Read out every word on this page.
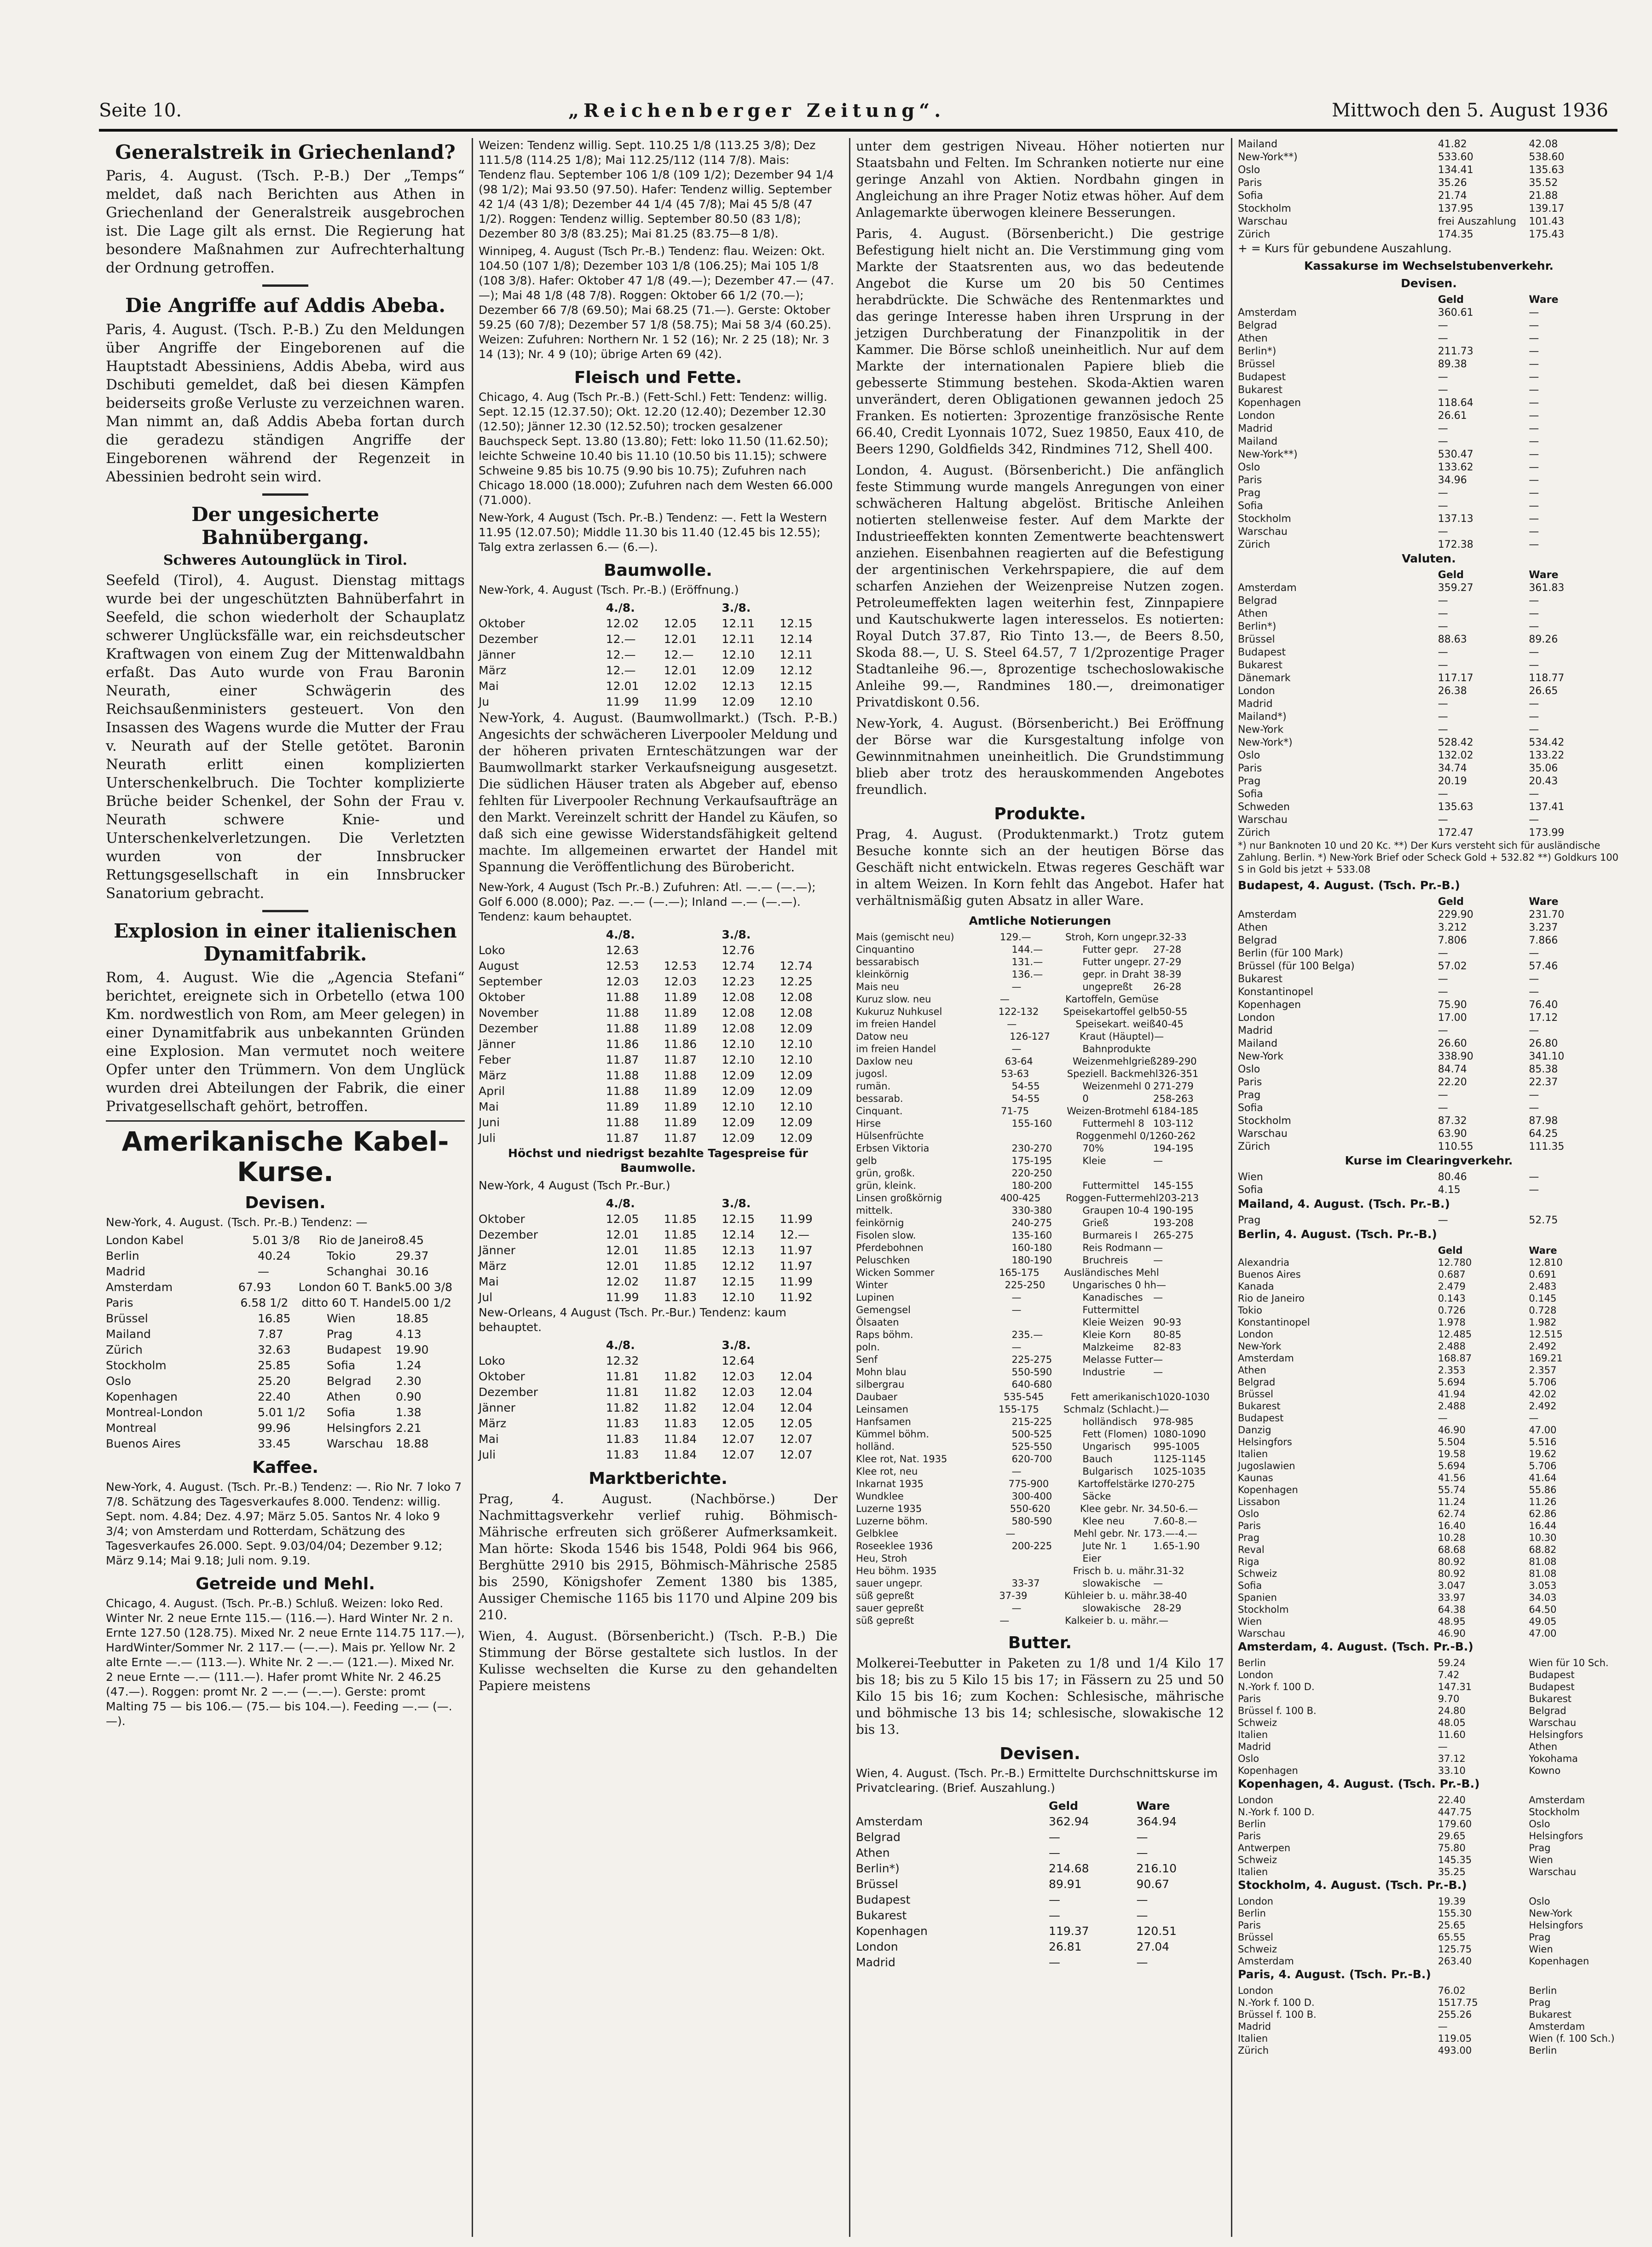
Seite 10.	„Reichenberger Zeitung“.	Mittwoch den 5. August 1936
Generalstreik in Griechenland?

Paris, 4. August. (Tsch. P.-B.) Der „Temps“ meldet, daß nach Berichten aus Athen in Griechenland der Generalstreik ausgebrochen ist. Die Lage gilt als ernst. Die Regierung hat besondere Maßnahmen zur Aufrechterhaltung der Ordnung getroffen.

Die Angriffe auf Addis Abeba.

Paris, 4. August. (Tsch. P.-B.) Zu den Meldungen über Angriffe der Eingeborenen auf die Hauptstadt Abessiniens, Addis Abeba, wird aus Dschibuti gemeldet, daß bei diesen Kämpfen beiderseits große Verluste zu verzeichnen waren. Man nimmt an, daß Addis Abeba fortan durch die geradezu ständigen Angriffe der Eingeborenen während der Regenzeit in Abessinien bedroht sein wird.

Der ungesicherte Bahnübergang.
Schweres Autounglück in Tirol.

Seefeld (Tirol), 4. August. Dienstag mittags wurde bei der ungeschützten Bahnüberfahrt in Seefeld, die schon wiederholt der Schauplatz schwerer Unglücksfälle war, ein reichsdeutscher Kraftwagen von einem Zug der Mittenwaldbahn erfaßt. Das Auto wurde von Frau Baronin Neurath, einer Schwägerin des Reichsaußenministers gesteuert. Von den Insassen des Wagens wurde die Mutter der Frau v. Neurath auf der Stelle getötet. Baronin Neurath erlitt einen komplizierten Unterschenkelbruch. Die Tochter komplizierte Brüche beider Schenkel, der Sohn der Frau v. Neurath schwere Knie- und Unterschenkelverletzungen. Die Verletzten wurden von der Innsbrucker Rettungsgesellschaft in ein Innsbrucker Sanatorium gebracht.

Explosion in einer italienischen Dynamitfabrik.

Rom, 4. August. Wie die „Agencia Stefani“ berichtet, ereignete sich in Orbetello (etwa 100 Km. nordwestlich von Rom, am Meer gelegen) in einer Dynamitfabrik aus unbekannten Gründen eine Explosion. Man vermutet noch weitere Opfer unter den Trümmern. Von dem Unglück wurden drei Abteilungen der Fabrik, die einer Privatgesellschaft gehört, betroffen.

Amerikanische Kabel-Kurse.
Devisen.

New-York, 4. August. (Tsch. Pr.-B.) Tendenz: —

London Kabel	5.01 3/8	Rio de Janeiro 8.45
Berlin	40.24	Tokio	29.37
Madrid	—	Schanghai 30.16
Amsterdam	67.93	London 60 T. Bank 5.00 3/8
Paris	6.58 1/2	ditto 60 T. Handel 5.00 1/2
Brüssel	16.85	Wien	18.85
Mailand	7.87	Prag	4.13
Zürich	32.63	Budapest	19.90
Stockholm	25.85	Sofia	1.24
Oslo	25.20	Belgrad	2.30
Kopenhagen	22.40	Athen	0.90
Montreal-London	5.01 1/2	Sofia	1.38
Montreal	99.96	Helsingfors 2.21
Buenos Aires	33.45	Warschau	18.88
Kaffee.

New-York, 4. August. (Tsch. Pr.-B.) Tendenz: —. Rio Nr. 7 loko 7 7/8. Schätzung des Tagesverkaufes 8.000. Tendenz: willig. Sept. nom. 4.84; Dez. 4.97; März 5.05. Santos Nr. 4 loko 9 3/4; von Amsterdam und Rotterdam, Schätzung des Tagesverkaufes 26.000. Sept. 9.03/04/04; Dezember 9.12; März 9.14; Mai 9.18; Juli nom. 9.19.

Getreide und Mehl.

Chicago, 4. August. (Tsch. Pr.-B.) Schluß. Weizen: loko Red. Winter Nr. 2 neue Ernte 115.— (116.—). Hard Winter Nr. 2 n. Ernte 127.50 (128.75). Mixed Nr. 2 neue Ernte 114.75 117.—), HardWinter/Sommer Nr. 2 117.— (—.—). Mais pr. Yellow Nr. 2 alte Ernte —.— (113.—). White Nr. 2 —.— (121.—). Mixed Nr. 2 neue Ernte —.— (111.—). Hafer promt White Nr. 2 46.25 (47.—). Roggen: promt Nr. 2 —.— (—.—). Gerste: promt Malting 75 — bis 106.— (75.— bis 104.—). Feeding —.— (—.—).

Weizen: Tendenz willig. Sept. 110.25 1/8 (113.25 3/8); Dez 111.5/8 (114.25 1/8); Mai 112.25/112 (114 7/8). Mais: Tendenz flau. September 106 1/8 (109 1/2); Dezember 94 1/4 (98 1/2); Mai 93.50 (97.50). Hafer: Tendenz willig. September 42 1/4 (43 1/8); Dezember 44 1/4 (45 7/8); Mai 45 5/8 (47 1/2). Roggen: Tendenz willig. September 80.50 (83 1/8); Dezember 80 3/8 (83.25); Mai 81.25 (83.75—8 1/8).

Winnipeg, 4. August (Tsch Pr.-B.) Tendenz: flau. Weizen: Okt. 104.50 (107 1/8); Dezember 103 1/8 (106.25); Mai 105 1/8 (108 3/8). Hafer: Oktober 47 1/8 (49.—); Dezember 47.— (47.—); Mai 48 1/8 (48 7/8). Roggen: Oktober 66 1/2 (70.—); Dezember 66 7/8 (69.50); Mai 68.25 (71.—). Gerste: Oktober 59.25 (60 7/8); Dezember 57 1/8 (58.75); Mai 58 3/4 (60.25). Weizen: Zufuhren: Northern Nr. 1 52 (16); Nr. 2 25 (18); Nr. 3 14 (13); Nr. 4 9 (10); übrige Arten 69 (42).

Fleisch und Fette.

Chicago, 4. Aug (Tsch Pr.-B.) (Fett-Schl.) Fett: Tendenz: willig. Sept. 12.15 (12.37.50); Okt. 12.20 (12.40); Dezember 12.30 (12.50); Jänner 12.30 (12.52.50); trocken gesalzener Bauchspeck Sept. 13.80 (13.80); Fett: loko 11.50 (11.62.50); leichte Schweine 10.40 bis 11.10 (10.50 bis 11.15); schwere Schweine 9.85 bis 10.75 (9.90 bis 10.75); Zufuhren nach Chicago 18.000 (18.000); Zufuhren nach dem Westen 66.000 (71.000).

New-York, 4 August (Tsch. Pr.-B.) Tendenz: —. Fett la Western 11.95 (12.07.50); Middle 11.30 bis 11.40 (12.45 bis 12.55); Talg extra zerlassen 6.— (6.—).

Baumwolle.

New-York, 4. August (Tsch. Pr.-B.) (Eröffnung.)

4./8.	3./8.
Oktober	12.02	12.05	12.11	12.15
Dezember	12.—	12.01	12.11	12.14
Jänner	12.—	12.—	12.10	12.11
März	12.—	12.01	12.09	12.12
Mai	12.01	12.02	12.13	12.15
Ju	11.99	11.99	12.09	12.10

New-York, 4. August. (Baumwollmarkt.) (Tsch. P.-B.) Angesichts der schwächeren Liverpooler Meldung und der höheren privaten Ernteschätzungen war der Baumwollmarkt starker Verkaufsneigung ausgesetzt. Die südlichen Häuser traten als Abgeber auf, ebenso fehlten für Liverpooler Rechnung Verkaufsaufträge an den Markt. Vereinzelt schritt der Handel zu Käufen, so daß sich eine gewisse Widerstandsfähigkeit geltend machte. Im allgemeinen erwartet der Handel mit Spannung die Veröffentlichung des Bürobericht.

New-York, 4 August (Tsch Pr.-B.) Zufuhren: Atl. —.— (—.—); Golf 6.000 (8.000); Paz. —.— (—.—); Inland —.— (—.—). Tendenz: kaum behauptet.

4./8.	3./8.
Loko	12.63	12.76
August	12.53	12.53	12.74	12.74
September	12.03	12.03	12.23	12.25
Oktober	11.88	11.89	12.08	12.08
November	11.88	11.89	12.08	12.08
Dezember	11.88	11.89	12.08	12.09
Jänner	11.86	11.86	12.10	12.10
Feber	11.87	11.87	12.10	12.10
März	11.88	11.88	12.09	12.09
April	11.88	11.89	12.09	12.09
Mai	11.89	11.89	12.10	12.10
Juni	11.88	11.89	12.09	12.09
Juli	11.87	11.87	12.09	12.09

Höchst und niedrigst bezahlte Tagespreise für Baumwolle.

New-York, 4 August (Tsch Pr.-Bur.)

4./8.	3./8.
Oktober	12.05	11.85	12.15	11.99
Dezember	12.01	11.85	12.14	12.—
Jänner	12.01	11.85	12.13	11.97
März	12.01	11.85	12.12	11.97
Mai	12.02	11.87	12.15	11.99
Jul	11.99	11.83	12.10	11.92

New-Orleans, 4 August (Tsch. Pr.-Bur.) Tendenz: kaum behauptet.

4./8.	3./8.
Loko	12.32	12.64
Oktober	11.81	11.82	12.03	12.04
Dezember	11.81	11.82	12.03	12.04
Jänner	11.82	11.82	12.04	12.04
März	11.83	11.83	12.05	12.05
Mai	11.83	11.84	12.07	12.07
Juli	11.83	11.84	12.07	12.07
Marktberichte.

Prag, 4. August. (Nachbörse.) Der Nachmittagsverkehr verlief ruhig. Böhmisch-Mährische erfreuten sich größerer Aufmerksamkeit. Man hörte: Skoda 1546 bis 1548, Poldi 964 bis 966, Berghütte 2910 bis 2915, Böhmisch-Mährische 2585 bis 2590, Königshofer Zement 1380 bis 1385, Aussiger Chemische 1165 bis 1170 und Alpine 209 bis 210.

Wien, 4. August. (Börsenbericht.) (Tsch. P.-B.) Die Stimmung der Börse gestaltete sich lustlos. In der Kulisse wechselten die Kurse zu den gehandelten Papiere meistens

unter dem gestrigen Niveau. Höher notierten nur Staatsbahn und Felten. Im Schranken notierte nur eine geringe Anzahl von Aktien. Nordbahn gingen in Angleichung an ihre Prager Notiz etwas höher. Auf dem Anlagemarkte überwogen kleinere Besserungen.

Paris, 4. August. (Börsenbericht.) Die gestrige Befestigung hielt nicht an. Die Verstimmung ging vom Markte der Staatsrenten aus, wo das bedeutende Angebot die Kurse um 20 bis 50 Centimes herabdrückte. Die Schwäche des Rentenmarktes und das geringe Interesse haben ihren Ursprung in der jetzigen Durchberatung der Finanzpolitik in der Kammer. Die Börse schloß uneinheitlich. Nur auf dem Markte der internationalen Papiere blieb die gebesserte Stimmung bestehen. Skoda-Aktien waren unverändert, deren Obligationen gewannen jedoch 25 Franken. Es notierten: 3prozentige französische Rente 66.40, Credit Lyonnais 1072, Suez 19850, Eaux 410, de Beers 1290, Goldfields 342, Rindmines 712, Shell 400.

London, 4. August. (Börsenbericht.) Die anfänglich feste Stimmung wurde mangels Anregungen von einer schwächeren Haltung abgelöst. Britische Anleihen notierten stellenweise fester. Auf dem Markte der Industrieeffekten konnten Zementwerte beachtenswert anziehen. Eisenbahnen reagierten auf die Befestigung der argentinischen Verkehrspapiere, die auf dem scharfen Anziehen der Weizenpreise Nutzen zogen. Petroleumeffekten lagen weiterhin fest, Zinnpapiere und Kautschukwerte lagen interesselos. Es notierten: Royal Dutch 37.87, Rio Tinto 13.—, de Beers 8.50, Skoda 88.—, U. S. Steel 64.57, 7 1/2prozentige Prager Stadtanleihe 96.—, 8prozentige tschechoslowakische Anleihe 99.—, Randmines 180.—, dreimonatiger Privatdiskont 0.56.

New-York, 4. August. (Börsenbericht.) Bei Eröffnung der Börse war die Kursgestaltung infolge von Gewinnmitnahmen uneinheitlich. Die Grundstimmung blieb aber trotz des herauskommenden Angebotes freundlich.

Produkte.

Prag, 4. August. (Produktenmarkt.) Trotz gutem Besuche konnte sich an der heutigen Börse das Geschäft nicht entwickeln. Etwas regeres Geschäft war in altem Weizen. In Korn fehlt das Angebot. Hafer hat verhältnismäßig guten Absatz in aller Ware.

Amtliche Notierungen

Mais (gemischt neu)	129.—	Stroh, Korn ungepr. 32-33
Cinquantino	144.—	Futter gepr.	27-28
bessarabisch	131.—	Futter ungepr. 27-29
kleinkörnig	136.—	gepr. in Draht 38-39
Mais neu	—	ungepreßt	26-28
Kuruz slow. neu	—	Kartoffeln, Gemüse
Kukuruz Nuhkusel	122-132	Speisekartoffel gelb 50-55
im freien Handel	—	Speisekart. weiß 40-45
Datow neu	126-127	Kraut (Häuptel) —
im freien Handel	—	Bahnprodukte
Daxlow neu	63-64	Weizenmehlgrieß 289-290
jugosl.	53-63	Speziell. Backmehl 326-351
rumän.	54-55	Weizenmehl 0 271-279
bessarab.	54-55	0	258-263
Cinquant.	71-75	Weizen-Brotmehl 6 184-185
Hirse	155-160	Futtermehl 8 103-112
Hülsenfrüchte	Roggenmehl 0/1 260-262
Erbsen Viktoria	230-270	70%	194-195
gelb	175-195	Kleie	—
grün, großk.	220-250
grün, kleink.	180-200	Futtermittel	145-155
Linsen großkörnig	400-425	Roggen-Futtermehl 203-213
mittelk.	330-380	Graupen 10-4 190-195
feinkörnig	240-275	Grieß	193-208
Fisolen slow.	135-160	Burmareis I	265-275
Pferdebohnen	160-180	Reis Rodmann —
Peluschken	180-190	Bruchreis	—
Wicken Sommer	165-175	Ausländisches Mehl
Winter	225-250	Ungarisches 0 hh —
Lupinen	—	Kanadisches	—
Gemengsel	—	Futtermittel
Ölsaaten	Kleie Weizen 90-93
Raps böhm.	235.—	Kleie Korn	80-85
poln.	—	Malzkeime	82-83
Senf	225-275	Melasse Futter —
Mohn blau	550-590	Industrie	—
silbergrau	640-680
Daubaer	535-545	Fett amerikanisch 1020-1030
Leinsamen	155-175	Schmalz (Schlacht.) —
Hanfsamen	215-225	holländisch	978-985
Kümmel böhm.	500-525	Fett (Flomen) 1080-1090
holländ.	525-550	Ungarisch	995-1005
Klee rot, Nat. 1935	620-700	Bauch	1125-1145
Klee rot, neu	—	Bulgarisch	1025-1035
Inkarnat 1935	775-900	Kartoffelstärke I 270-275
Wundklee	300-400	Säcke
Luzerne 1935	550-620	Klee gebr. Nr. 3 4.50-6.—
Luzerne böhm.	580-590	Klee neu	7.60-8.—
Gelbklee	—	Mehl gebr. Nr. 17 3.—-4.—
Roseeklee 1936	200-225	Jute Nr. 1	1.65-1.90
Heu, Stroh	Eier
Heu böhm. 1935	Frisch b. u. mähr. 31-32
sauer ungepr.	33-37	slowakische	—
süß gepreßt	37-39	Kühleier b. u. mähr. 38-40
sauer gepreßt	—	slowakische	28-29
süß gepreßt	—	Kalkeier b. u. mähr. —
Butter.

Molkerei-Teebutter in Paketen zu 1/8 und 1/4 Kilo 17 bis 18; bis zu 5 Kilo 15 bis 17; in Fässern zu 25 und 50 Kilo 15 bis 16; zum Kochen: Schlesische, mährische und böhmische 13 bis 14; schlesische, slowakische 12 bis 13.

Devisen.

Wien, 4. August. (Tsch. Pr.-B.) Ermittelte Durchschnittskurse im Privatclearing. (Brief. Auszahlung.)

Geld	Ware
Amsterdam	362.94	364.94
Belgrad	—	—
Athen	—	—
Berlin*)	214.68	216.10
Brüssel	89.91	90.67
Budapest	—	—
Bukarest	—	—
Kopenhagen	119.37	120.51
London	26.81	27.04
Madrid	—	—
Mailand	41.82	42.08
New-York**)	533.60	538.60
Oslo	134.41	135.63
Paris	35.26	35.52
Sofia	21.74	21.88
Stockholm	137.95	139.17
Warschau	frei Auszahlung	101.43
Zürich	174.35	175.43

+ = Kurs für gebundene Auszahlung.

Kassakurse im Wechselstubenverkehr.

Devisen.

Geld	Ware
Amsterdam	360.61	—
Belgrad	—	—
Athen	—	—
Berlin*)	211.73	—
Brüssel	89.38	—
Budapest	—	—
Bukarest	—	—
Kopenhagen	118.64	—
London	26.61	—
Madrid	—	—
Mailand	—	—
New-York**)	530.47	—
Oslo	133.62	—
Paris	34.96	—
Prag	—	—
Sofia	—	—
Stockholm	137.13	—
Warschau	—	—
Zürich	172.38	—

Valuten.

Geld	Ware
Amsterdam	359.27	361.83
Belgrad	—	—
Athen	—	—
Berlin*)	—	—
Brüssel	88.63	89.26
Budapest	—	—
Bukarest	—	—
Dänemark	117.17	118.77
London	26.38	26.65
Madrid	—	—
Mailand*)	—	—
New-York	—	—
New-York*)	528.42	534.42
Oslo	132.02	133.22
Paris	34.74	35.06
Prag	20.19	20.43
Sofia	—	—
Schweden	135.63	137.41
Warschau	—	—
Zürich	172.47	173.99

*) nur Banknoten 10 und 20 Kc. **) Der Kurs versteht sich für ausländische Zahlung. Berlin. *) New-York Brief oder Scheck Gold + 532.82 **) Goldkurs 100 S in Gold bis jetzt + 533.08

Budapest, 4. August. (Tsch. Pr.-B.)

Geld	Ware
Amsterdam	229.90	231.70
Athen	3.212	3.237
Belgrad	7.806	7.866
Berlin (für 100 Mark)	—	—
Brüssel (für 100 Belga)	57.02	57.46
Bukarest	—	—
Konstantinopel	—	—
Kopenhagen	75.90	76.40
London	17.00	17.12
Madrid	—	—
Mailand	26.60	26.80
New-York	338.90	341.10
Oslo	84.74	85.38
Paris	22.20	22.37
Prag	—	—
Sofia	—	—
Stockholm	87.32	87.98
Warschau	63.90	64.25
Zürich	110.55	111.35

Kurse im Clearingverkehr.

Wien	80.46	—
Sofia	4.15	—

Mailand, 4. August. (Tsch. Pr.-B.)

Prag	—	52.75

Berlin, 4. August. (Tsch. Pr.-B.)

Geld	Ware
Alexandria	12.780	12.810
Buenos Aires	0.687	0.691
Kanada	2.479	2.483
Rio de Janeiro	0.143	0.145
Tokio	0.726	0.728
Konstantinopel	1.978	1.982
London	12.485	12.515
New-York	2.488	2.492
Amsterdam	168.87	169.21
Athen	2.353	2.357
Belgrad	5.694	5.706
Brüssel	41.94	42.02
Bukarest	2.488	2.492
Budapest	—	—
Danzig	46.90	47.00
Helsingfors	5.504	5.516
Italien	19.58	19.62
Jugoslawien	5.694	5.706
Kaunas	41.56	41.64
Kopenhagen	55.74	55.86
Lissabon	11.24	11.26
Oslo	62.74	62.86
Paris	16.40	16.44
Prag	10.28	10.30
Reval	68.68	68.82
Riga	80.92	81.08
Schweiz	80.92	81.08
Sofia	3.047	3.053
Spanien	33.97	34.03
Stockholm	64.38	64.50
Wien	48.95	49.05
Warschau	46.90	47.00

Amsterdam, 4. August. (Tsch. Pr.-B.)

Berlin	59.24	Wien für 10 Sch.
London	7.42	Budapest
N.-York f. 100 D.	147.31	Budapest
Paris	9.70	Bukarest
Brüssel f. 100 B.	24.80	Belgrad
Schweiz	48.05	Warschau
Italien	11.60	Helsingfors
Madrid	—	Athen
Oslo	37.12	Yokohama
Kopenhagen	33.10	Kowno

Kopenhagen, 4. August. (Tsch. Pr.-B.)

London	22.40	Amsterdam
N.-York f. 100 D.	447.75	Stockholm
Berlin	179.60	Oslo
Paris	29.65	Helsingfors
Antwerpen	75.80	Prag
Schweiz	145.35	Wien
Italien	35.25	Warschau

Stockholm, 4. August. (Tsch. Pr.-B.)

London	19.39	Oslo
Berlin	155.30	New-York
Paris	25.65	Helsingfors
Brüssel	65.55	Prag
Schweiz	125.75	Wien
Amsterdam	263.40	Kopenhagen

Paris, 4. August. (Tsch. Pr.-B.)

London	76.02	Berlin
N.-York f. 100 D.	1517.75	Prag
Brüssel f. 100 B.	255.26	Bukarest
Madrid	—	Amsterdam
Italien	119.05	Wien (f. 100 Sch.)
Zürich	493.00	Berlin
